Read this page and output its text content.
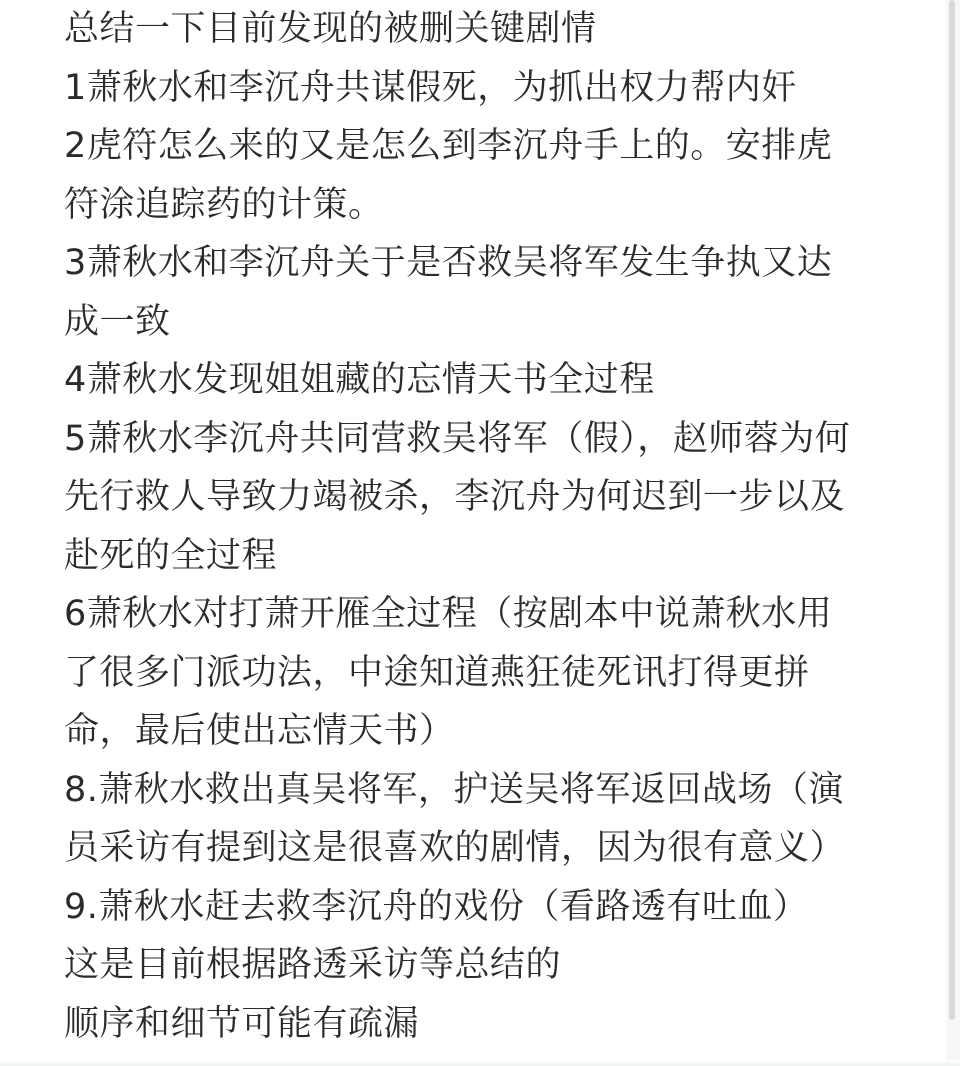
总结一下目前发现的被删关键剧情
1萧秋水和李沉舟共谋假死，为抓出权力帮内奸
2虎符怎么来的又是怎么到李沉舟手上的。安排虎
符涂追踪药的计策。
3萧秋水和李沉舟关于是否救吴将军发生争执又达
成一致
4萧秋水发现姐姐藏的忘情天书全过程
5萧秋水李沉舟共同营救吴将军（假），赵师蓉为何
先行救人导致力竭被杀，李沉舟为何迟到一步以及
赴死的全过程
6萧秋水对打萧开雁全过程（按剧本中说萧秋水用
了很多门派功法，中途知道燕狂徒死讯打得更拼
命，最后使出忘情天书）
8.萧秋水救出真吴将军，护送吴将军返回战场（演
员采访有提到这是很喜欢的剧情，因为很有意义）
9.萧秋水赶去救李沉舟的戏份（看路透有吐血）
这是目前根据路透采访等总结的
顺序和细节可能有疏漏
